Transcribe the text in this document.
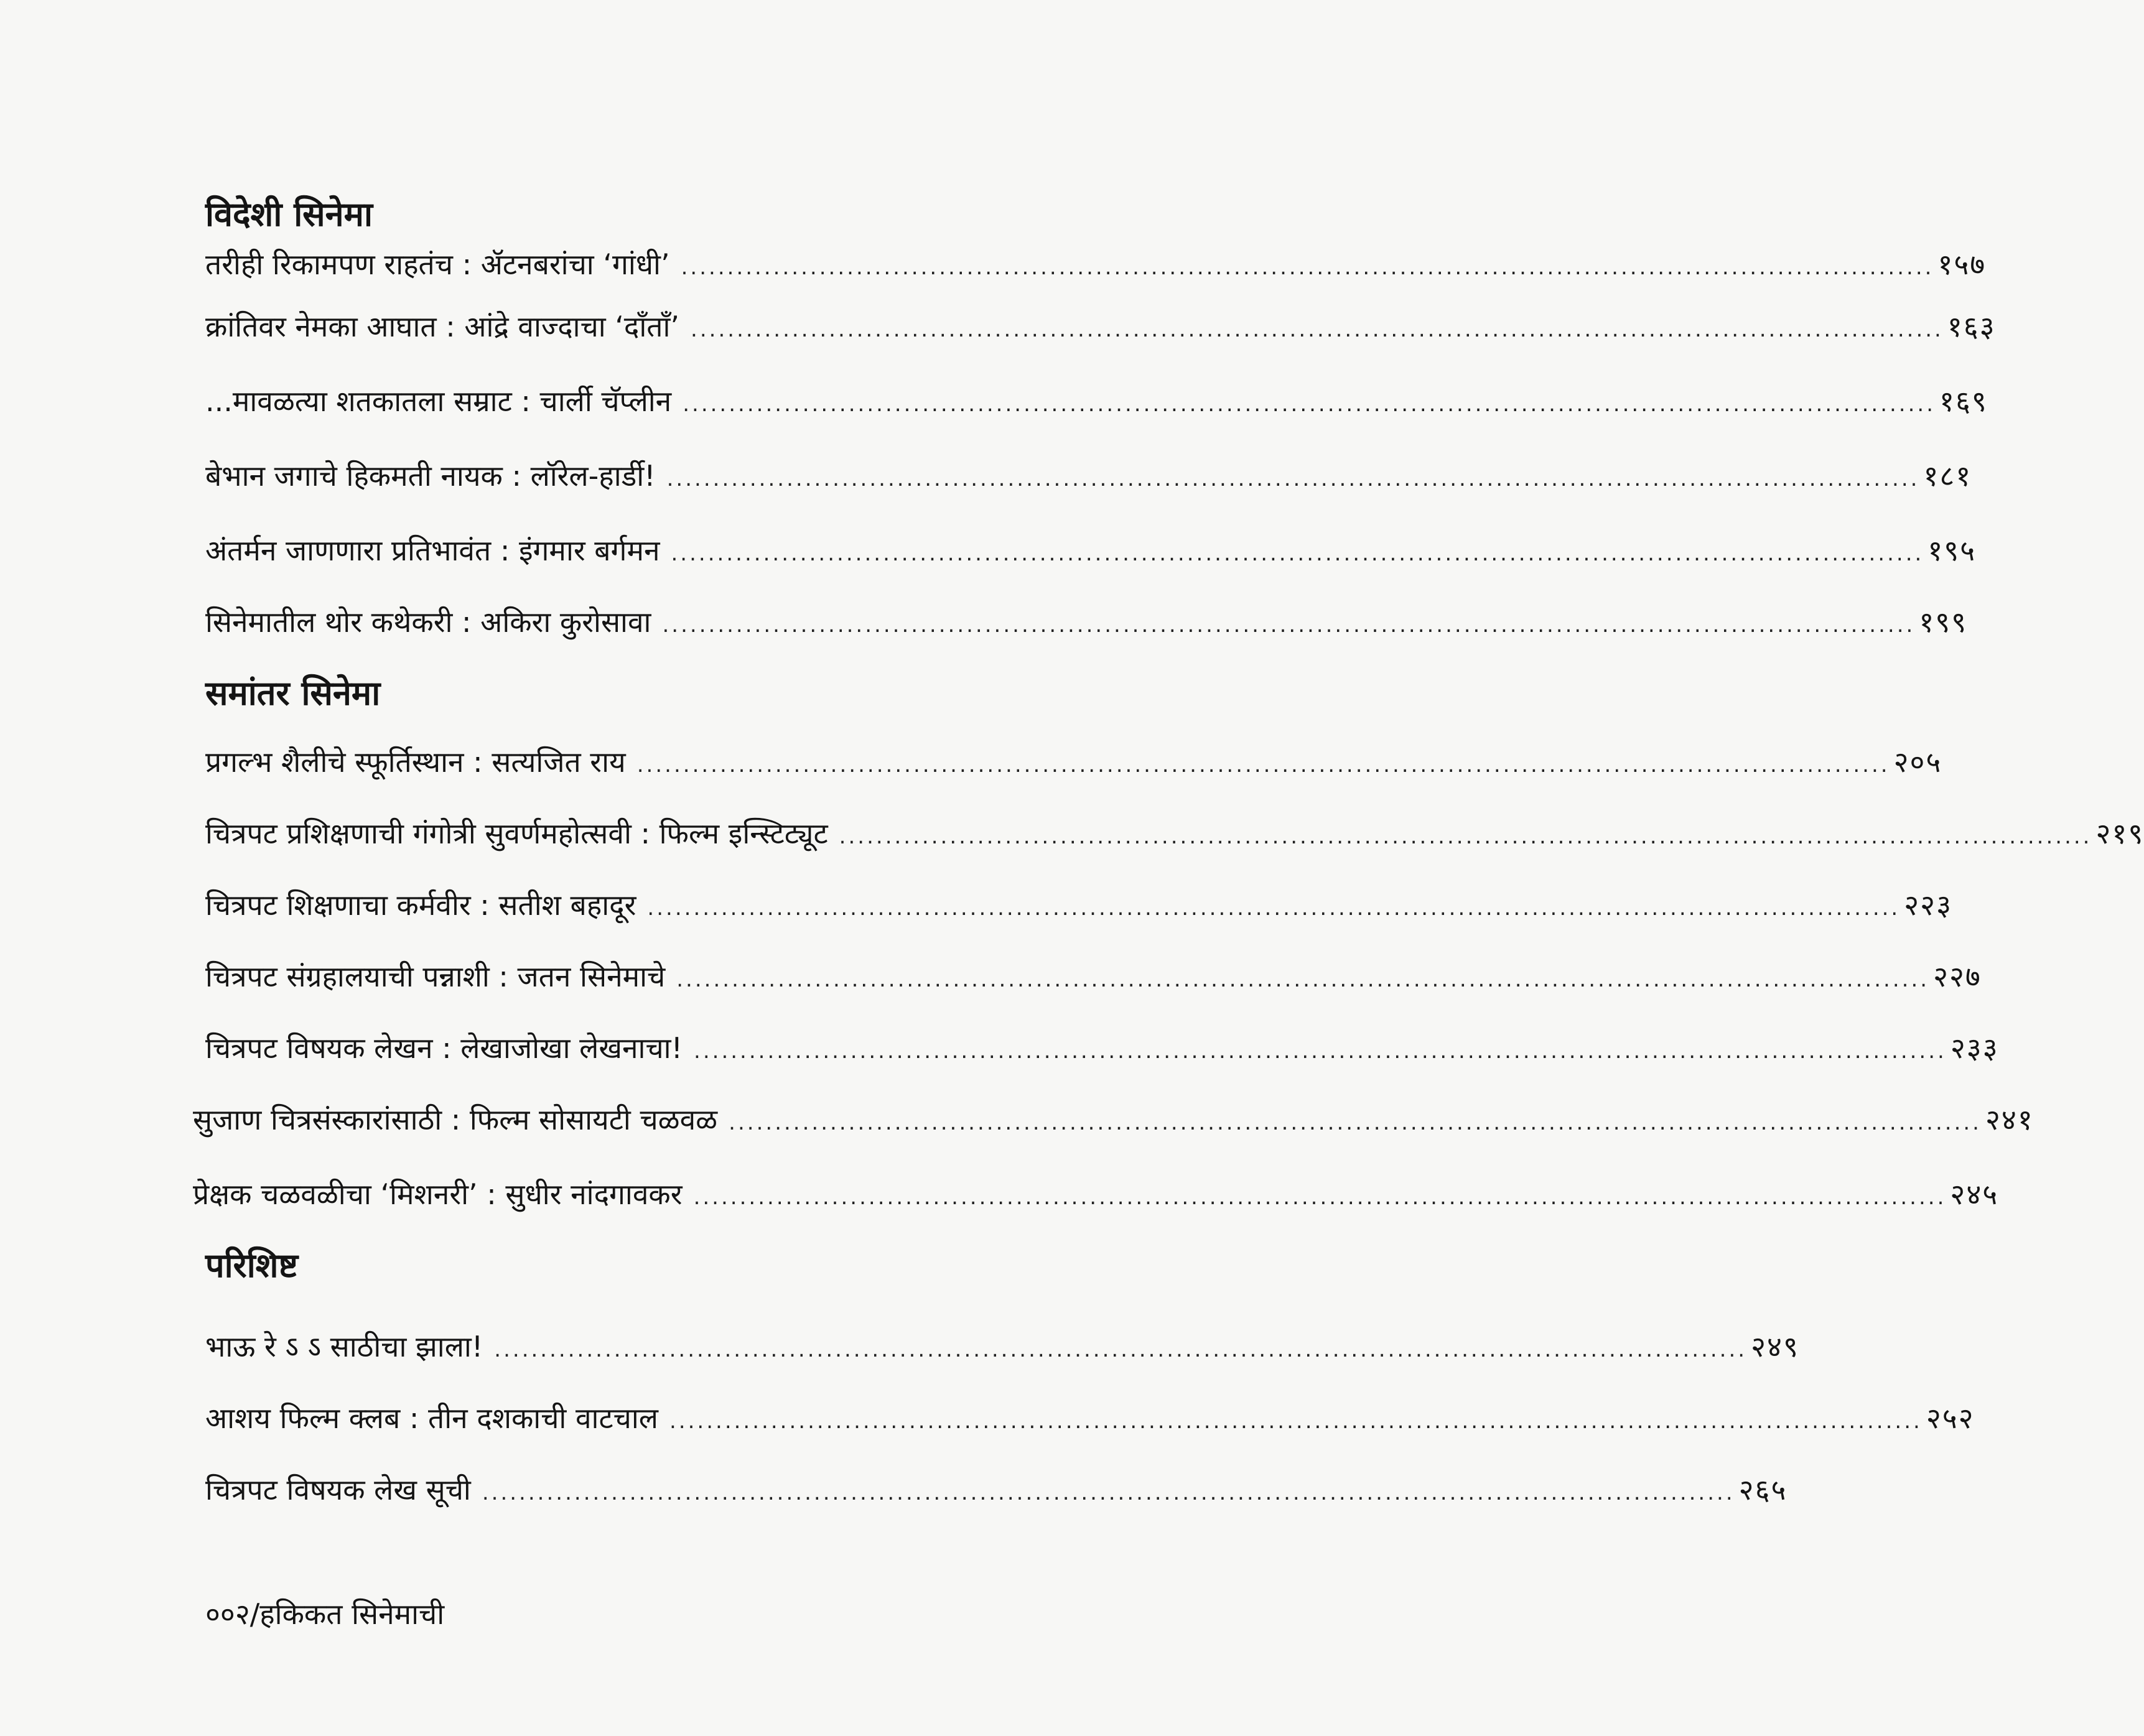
विदेशी सिनेमा
तरीही रिकामपण राहतंच : ॲटनबरांचा ‘गांधी’ ........................................................................................................................................ १५७
क्रांतिवर नेमका आघात : आंद्रे वाज्दाचा ‘दाँताँ’ ........................................................................................................................................ १६३
...मावळत्या शतकातला सम्राट : चार्ली चॅप्लीन ........................................................................................................................................ १६९
बेभान जगाचे हिकमती नायक : लॉरेल-हार्डी! ........................................................................................................................................ १८१
अंतर्मन जाणणारा प्रतिभावंत : इंगमार बर्गमन ........................................................................................................................................ १९५
सिनेमातील थोर कथेकरी : अकिरा कुरोसावा ........................................................................................................................................ १९९
समांतर सिनेमा
प्रगल्भ शैलीचे स्फूर्तिस्थान : सत्यजित राय ........................................................................................................................................ २०५
चित्रपट प्रशिक्षणाची गंगोत्री सुवर्णमहोत्सवी : फिल्म इन्स्टिट्यूट ........................................................................................................................................ २१९
चित्रपट शिक्षणाचा कर्मवीर : सतीश बहादूर ........................................................................................................................................ २२३
चित्रपट संग्रहालयाची पन्नाशी : जतन सिनेमाचे ........................................................................................................................................ २२७
चित्रपट विषयक लेखन : लेखाजोखा लेखनाचा! ........................................................................................................................................ २३३
सुजाण चित्रसंस्कारांसाठी : फिल्म सोसायटी चळवळ ........................................................................................................................................ २४१
प्रेक्षक चळवळीचा ‘मिशनरी’ : सुधीर नांदगावकर ........................................................................................................................................ २४५
परिशिष्ट
भाऊ रे ऽ ऽ साठीचा झाला! ........................................................................................................................................ २४९
आशय फिल्म क्लब : तीन दशकाची वाटचाल ........................................................................................................................................ २५२
चित्रपट विषयक लेख सूची ........................................................................................................................................ २६५
००२/हकिकत सिनेमाची
